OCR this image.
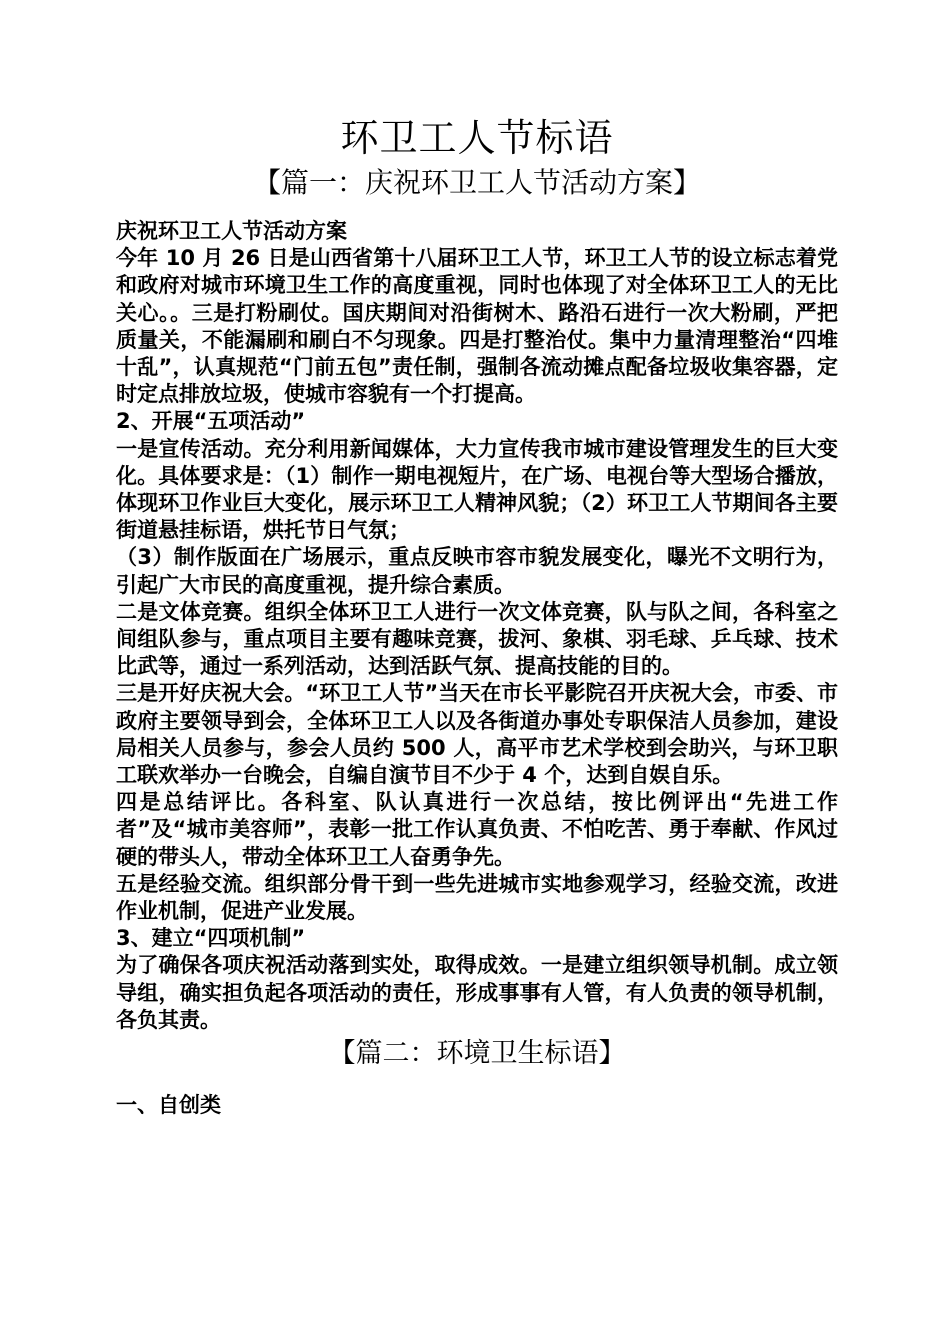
环卫工人节标语
【篇一：庆祝环卫工人节活动方案】

庆祝环卫工人节活动方案

今年 10 月 26 日是山西省第十八届环卫工人节，环卫工人节的设立标志着党和政府对城市环境卫生工作的高度重视，同时也体现了对全体环卫工人的无比关心。。三是打粉刷仗。国庆期间对沿街树木、路沿石进行一次大粉刷，严把质量关，不能漏刷和刷白不匀现象。四是打整治仗。集中力量清理整治“四堆十乱”，认真规范“门前五包”责任制，强制各流动摊点配备垃圾收集容器，定时定点排放垃圾，使城市容貌有一个打提高。

2、开展“五项活动”

一是宣传活动。充分利用新闻媒体，大力宣传我市城市建设管理发生的巨大变化。具体要求是：（1）制作一期电视短片，在广场、电视台等大型场合播放，体现环卫作业巨大变化，展示环卫工人精神风貌；（2）环卫工人节期间各主要街道悬挂标语，烘托节日气氛；

（3）制作版面在广场展示，重点反映市容市貌发展变化，曝光不文明行为，引起广大市民的高度重视，提升综合素质。

二是文体竞赛。组织全体环卫工人进行一次文体竞赛，队与队之间，各科室之间组队参与，重点项目主要有趣味竞赛，拔河、象棋、羽毛球、乒乓球、技术比武等，通过一系列活动，达到活跃气氛、提高技能的目的。

三是开好庆祝大会。“环卫工人节”当天在市长平影院召开庆祝大会，市委、市政府主要领导到会，全体环卫工人以及各街道办事处专职保洁人员参加，建设局相关人员参与，参会人员约 500 人，高平市艺术学校到会助兴，与环卫职工联欢举办一台晚会，自编自演节目不少于 4 个，达到自娱自乐。

四是总结评比。各科室、队认真进行一次总结，按比例评出“先进工作者”及“城市美容师”，表彰一批工作认真负责、不怕吃苦、勇于奉献、作风过硬的带头人，带动全体环卫工人奋勇争先。

五是经验交流。组织部分骨干到一些先进城市实地参观学习，经验交流，改进作业机制，促进产业发展。

3、建立“四项机制”

为了确保各项庆祝活动落到实处，取得成效。一是建立组织领导机制。成立领导组，确实担负起各项活动的责任，形成事事有人管，有人负责的领导机制，各负其责。

【篇二：环境卫生标语】

一、自创类
